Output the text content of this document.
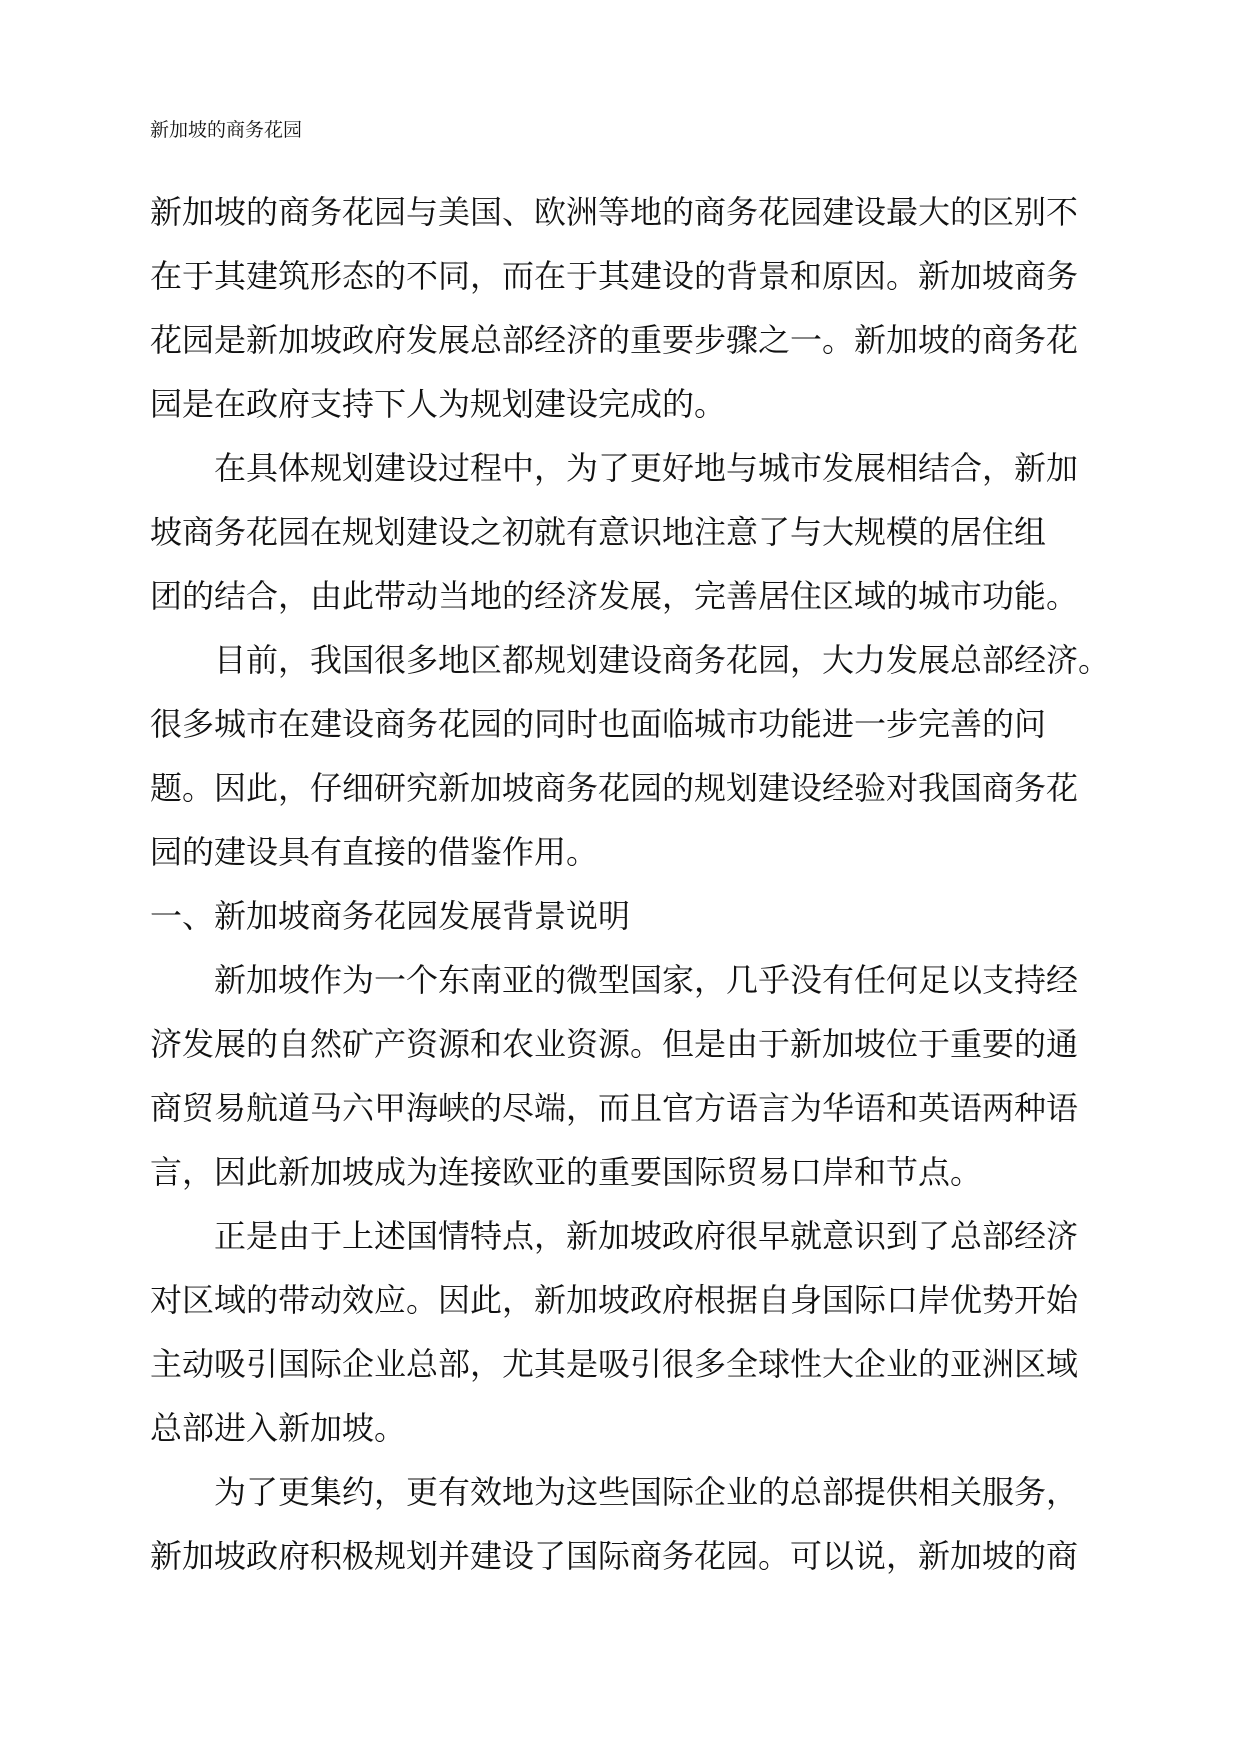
新加坡的商务花园
新加坡的商务花园与美国、欧洲等地的商务花园建设最大的区别不
在于其建筑形态的不同，而在于其建设的背景和原因。新加坡商务
花园是新加坡政府发展总部经济的重要步骤之一。新加坡的商务花
园是在政府支持下人为规划建设完成的。
在具体规划建设过程中，为了更好地与城市发展相结合，新加
坡商务花园在规划建设之初就有意识地注意了与大规模的居住组
团的结合，由此带动当地的经济发展，完善居住区域的城市功能。
目前，我国很多地区都规划建设商务花园，大力发展总部经济。
很多城市在建设商务花园的同时也面临城市功能进一步完善的问
题。因此，仔细研究新加坡商务花园的规划建设经验对我国商务花
园的建设具有直接的借鉴作用。
一、新加坡商务花园发展背景说明
新加坡作为一个东南亚的微型国家，几乎没有任何足以支持经
济发展的自然矿产资源和农业资源。但是由于新加坡位于重要的通
商贸易航道马六甲海峡的尽端，而且官方语言为华语和英语两种语
言，因此新加坡成为连接欧亚的重要国际贸易口岸和节点。
正是由于上述国情特点，新加坡政府很早就意识到了总部经济
对区域的带动效应。因此，新加坡政府根据自身国际口岸优势开始
主动吸引国际企业总部，尤其是吸引很多全球性大企业的亚洲区域
总部进入新加坡。
为了更集约，更有效地为这些国际企业的总部提供相关服务，
新加坡政府积极规划并建设了国际商务花园。可以说，新加坡的商
